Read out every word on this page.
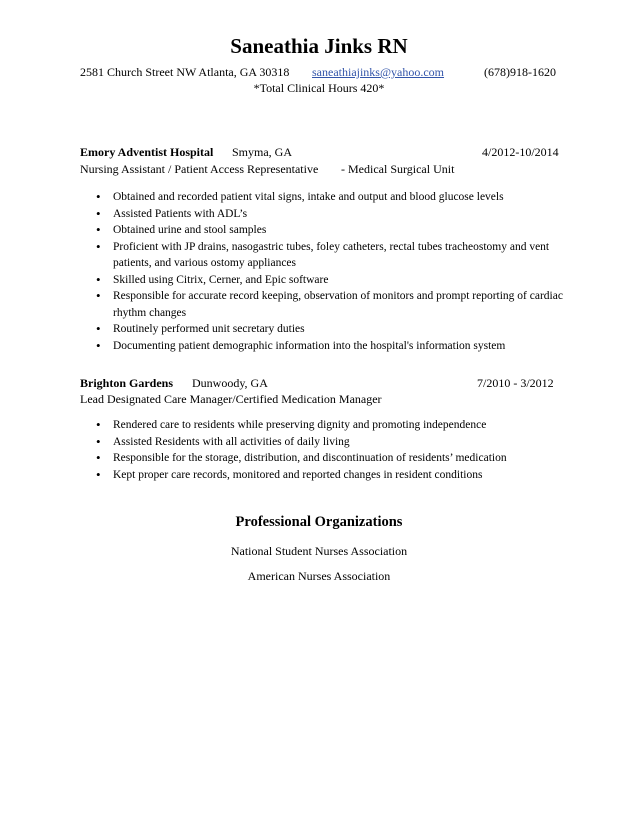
Saneathia Jinks RN
2581 Church Street NW Atlanta, GA 30318 saneathiajinks@yahoo.com	(678)918-1620
*Total Clinical Hours 420*
Emory Adventist Hospital Smyma, GA	4/2012-10/2014
Nursing Assistant / Patient Access Representative - Medical Surgical Unit
• Obtained and recorded patient vital signs, intake and output and blood glucose levels
• Assisted Patients with ADL’s
• Obtained urine and stool samples
• Proficient with JP drains, nasogastric tubes, foley catheters, rectal tubes tracheostomy and vent patients, and various ostomy appliances
• Skilled using Citrix, Cerner, and Epic software
• Responsible for accurate record keeping, observation of monitors and prompt reporting of cardiac rhythm changes
• Routinely performed unit secretary duties
• Documenting patient demographic information into the hospital's information system
Brighton Gardens Dunwoody, GA	7/2010 - 3/2012
Lead Designated Care Manager/Certified Medication Manager
• Rendered care to residents while preserving dignity and promoting independence
• Assisted Residents with all activities of daily living
• Responsible for the storage, distribution, and discontinuation of residents’ medication
• Kept proper care records, monitored and reported changes in resident conditions
Professional Organizations
National Student Nurses Association
American Nurses Association
